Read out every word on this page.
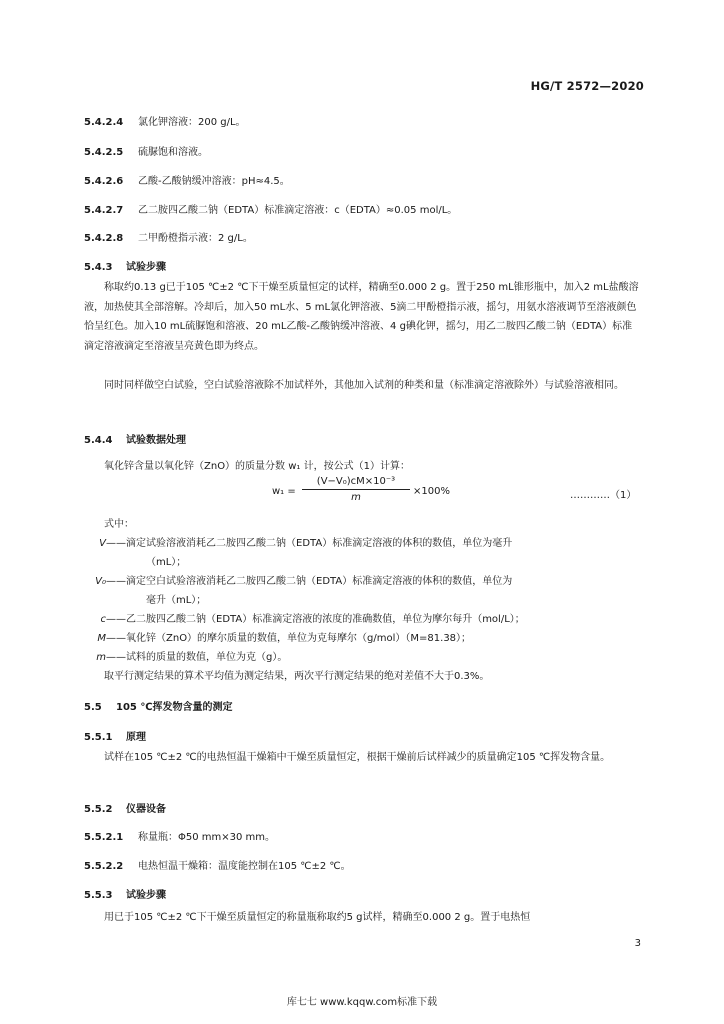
HG/T 2572—2020
5.4.2.4 氯化钾溶液：200 g/L。
5.4.2.5 硫脲饱和溶液。
5.4.2.6 乙酸-乙酸钠缓冲溶液：pH≈4.5。
5.4.2.7 乙二胺四乙酸二钠（EDTA）标准滴定溶液：c（EDTA）≈0.05 mol/L。
5.4.2.8 二甲酚橙指示液：2 g/L。
5.4.3 试验步骤
称取约0.13 g已于105 ℃±2 ℃下干燥至质量恒定的试样，精确至0.000 2 g。置于250 mL锥形瓶中，加入2 mL盐酸溶液，加热使其全部溶解。冷却后，加入50 mL水、5 mL氯化钾溶液、5滴二甲酚橙指示液，摇匀，用氨水溶液调节至溶液颜色恰呈红色。加入10 mL硫脲饱和溶液、20 mL乙酸-乙酸钠缓冲溶液、4 g碘化钾，摇匀，用乙二胺四乙酸二钠（EDTA）标准滴定溶液滴定至溶液呈亮黄色即为终点。
同时同样做空白试验，空白试验溶液除不加试样外，其他加入试剂的种类和量（标准滴定溶液除外）与试验溶液相同。
5.4.4 试验数据处理
氧化锌含量以氧化锌（ZnO）的质量分数 w₁ 计，按公式（1）计算：
w₁ =
(V−V₀)cM×10⁻³
m
×100%	…………（1）
式中：
V——滴定试验溶液消耗乙二胺四乙酸二钠（EDTA）标准滴定溶液的体积的数值，单位为毫升
（mL）；
V₀——滴定空白试验溶液消耗乙二胺四乙酸二钠（EDTA）标准滴定溶液的体积的数值，单位为
毫升（mL）；
c——乙二胺四乙酸二钠（EDTA）标准滴定溶液的浓度的准确数值，单位为摩尔每升（mol/L）；
M——氧化锌（ZnO）的摩尔质量的数值，单位为克每摩尔（g/mol）（M=81.38）；
m——试料的质量的数值，单位为克（g）。
取平行测定结果的算术平均值为测定结果，两次平行测定结果的绝对差值不大于0.3%。
5.5 105 ℃挥发物含量的测定
5.5.1 原理
试样在105 ℃±2 ℃的电热恒温干燥箱中干燥至质量恒定，根据干燥前后试样减少的质量确定105 ℃挥发物含量。
5.5.2 仪器设备
5.5.2.1 称量瓶：Φ50 mm×30 mm。
5.5.2.2 电热恒温干燥箱：温度能控制在105 ℃±2 ℃。
5.5.3 试验步骤
用已于105 ℃±2 ℃下干燥至质量恒定的称量瓶称取约5 g试样，精确至0.000 2 g。置于电热恒
3
库七七 www.kqqw.com标准下载
